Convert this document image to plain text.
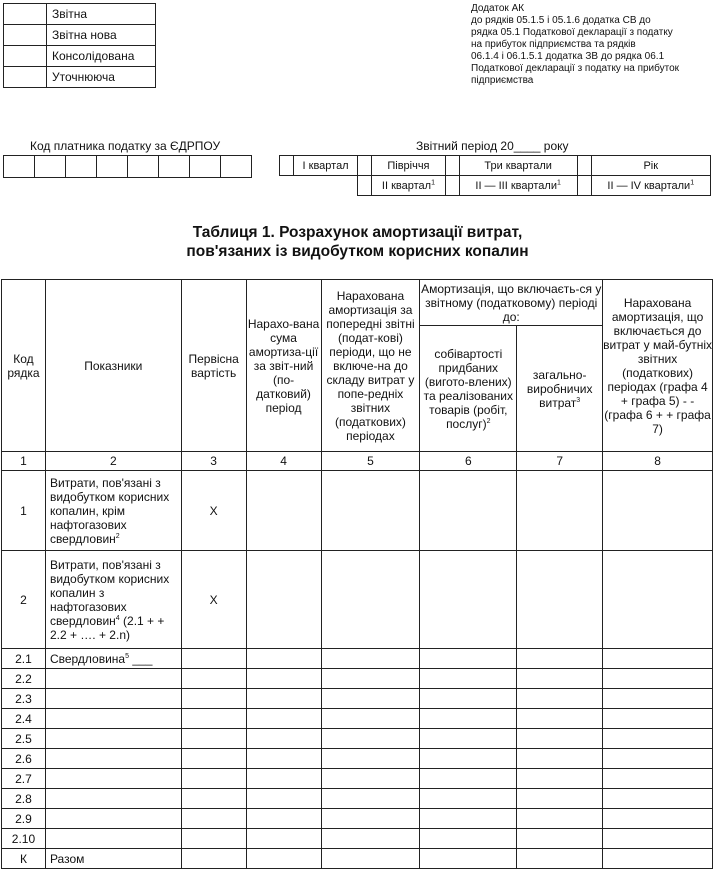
	Звітна
	Звітна нова
	Консолідована
	Уточнююча
Додаток АК
до рядків 05.1.5 і 05.1.6 додатка СВ до
рядка 05.1 Податкової декларації з податку
на прибуток підприємства та рядків
06.1.4 і 06.1.5.1 додатка ЗВ до рядка 06.1
Податкової декларації з податку на прибуток
підприємства
Код платника податку за ЄДРПОУ
								Звітний період 20____ року
	І квартал		Півріччя		Три квартали		Рік
			ІІ квартал$^1$		ІІ — ІІІ квартали$^1$		ІІ — IV квартали$^1$
Таблиця 1. Розрахунок амортизації витрат,
пов'язаних із видобутком корисних копалин
Код рядка	Показники	Первісна вартість	Нарахо-вана сума амортиза-ції за звіт-ний (по-датковий) період	Нарахована амортизація за попередні звітні (подат-кові) періоди, що не включе-на до складу витрат у попе-редніх звітних (податкових) періодах	Амортизація, що включаєть-ся у звітному (податковому) періоді до:		Нарахована амортизація, що включається до витрат у май-бутніх звітних (податкових) періодах (графа 4 + графа 5) - - (графа 6 + + графа 7)
					собівартості придбаних (вигото-влених) та реалізованих товарів (робіт, послуг)$^2$	загально-виробничих витрат$^3$
1	2	3	4	5	6	7	8
1	Витрати, пов'язані з видобутком корисних копалин, крім нафтогазових свердловин$^2$	Х					
2	Витрати, пов'язані з видобутком корисних копалин з нафтогазових свердловин$^4$ (2.1 + + 2.2 + …. + 2.n)	Х					
2.1	Свердловина$^5$ ___						
2.2							
2.3							
2.4							
2.5							
2.6							
2.7							
2.8							
2.9							
2.10							
К	Разом						
